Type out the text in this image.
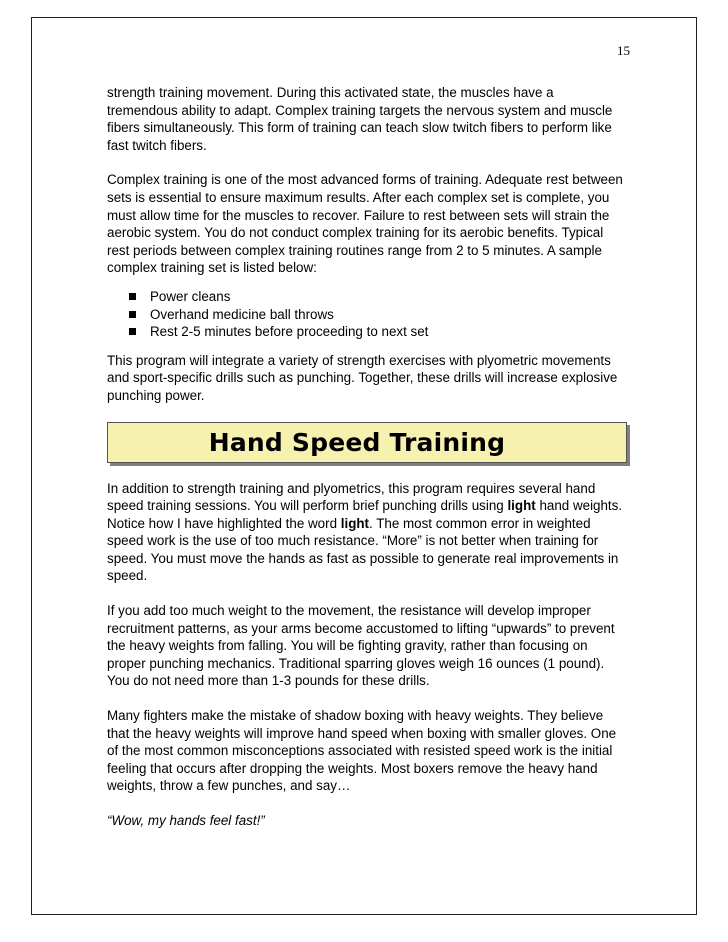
15

strength training movement. During this activated state, the muscles have a tremendous ability to adapt. Complex training targets the nervous system and muscle fibers simultaneously. This form of training can teach slow twitch fibers to perform like fast twitch fibers.

Complex training is one of the most advanced forms of training. Adequate rest between sets is essential to ensure maximum results. After each complex set is complete, you must allow time for the muscles to recover. Failure to rest between sets will strain the aerobic system. You do not conduct complex training for its aerobic benefits. Typical rest periods between complex training routines range from 2 to 5 minutes. A sample complex training set is listed below:

Power cleans
Overhand medicine ball throws
Rest 2-5 minutes before proceeding to next set

This program will integrate a variety of strength exercises with plyometric movements and sport-specific drills such as punching. Together, these drills will increase explosive punching power.

Hand Speed Training

In addition to strength training and plyometrics, this program requires several hand speed training sessions. You will perform brief punching drills using light hand weights. Notice how I have highlighted the word light. The most common error in weighted speed work is the use of too much resistance. “More” is not better when training for speed. You must move the hands as fast as possible to generate real improvements in speed.

If you add too much weight to the movement, the resistance will develop improper recruitment patterns, as your arms become accustomed to lifting “upwards” to prevent the heavy weights from falling. You will be fighting gravity, rather than focusing on proper punching mechanics. Traditional sparring gloves weigh 16 ounces (1 pound). You do not need more than 1-3 pounds for these drills.

Many fighters make the mistake of shadow boxing with heavy weights. They believe that the heavy weights will improve hand speed when boxing with smaller gloves. One of the most common misconceptions associated with resisted speed work is the initial feeling that occurs after dropping the weights. Most boxers remove the heavy hand weights, throw a few punches, and say…

“Wow, my hands feel fast!”
